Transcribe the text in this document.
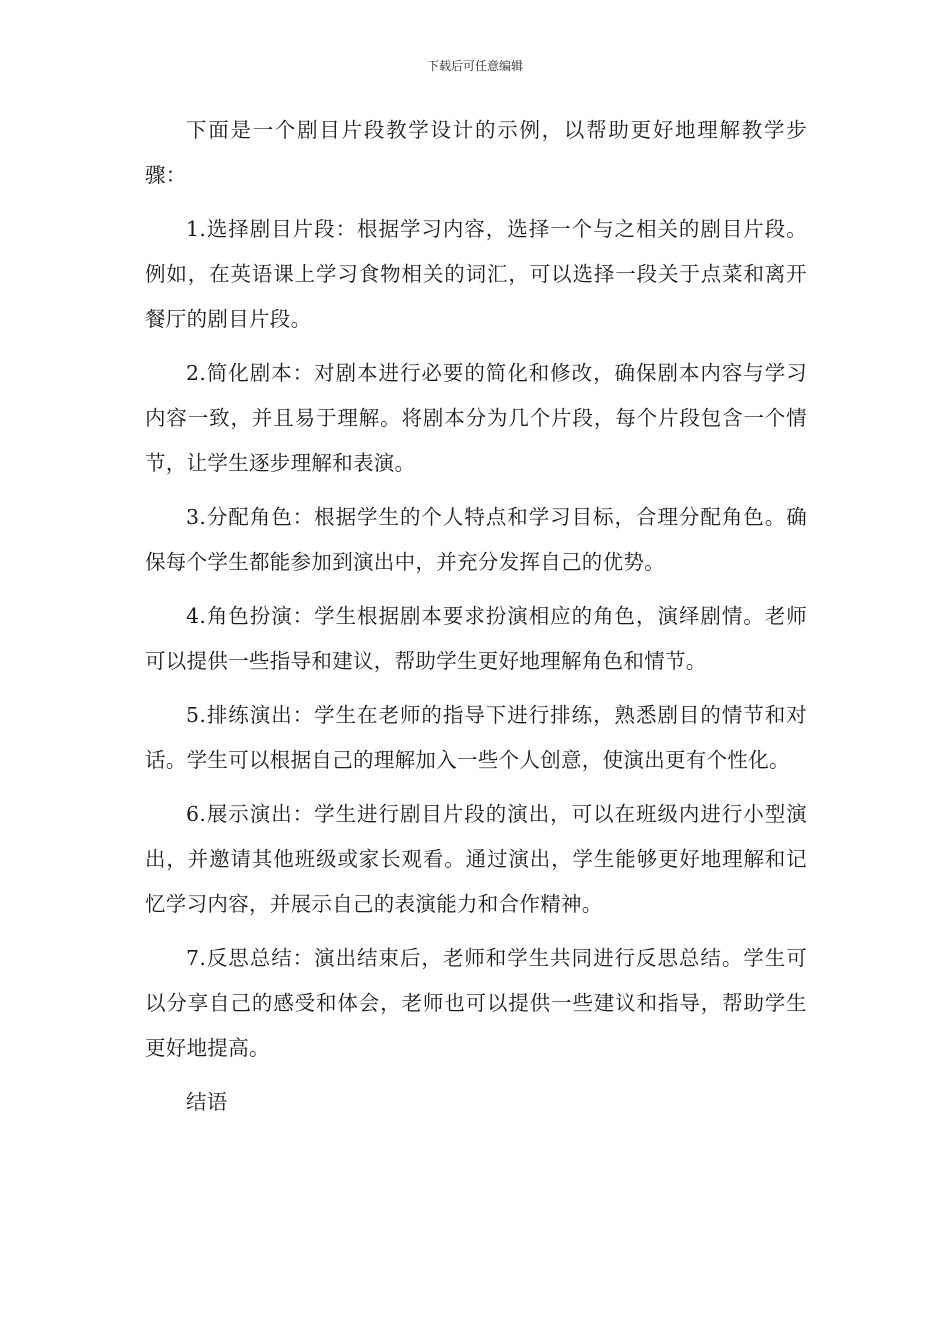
下载后可任意编辑

下面是一个剧目片段教学设计的示例，以帮助更好地理解教学步骤：

1.选择剧目片段：根据学习内容，选择一个与之相关的剧目片段。例如，在英语课上学习食物相关的词汇，可以选择一段关于点菜和离开餐厅的剧目片段。

2.简化剧本：对剧本进行必要的简化和修改，确保剧本内容与学习内容一致，并且易于理解。将剧本分为几个片段，每个片段包含一个情节，让学生逐步理解和表演。

3.分配角色：根据学生的个人特点和学习目标，合理分配角色。确保每个学生都能参加到演出中，并充分发挥自己的优势。

4.角色扮演：学生根据剧本要求扮演相应的角色，演绎剧情。老师可以提供一些指导和建议，帮助学生更好地理解角色和情节。

5.排练演出：学生在老师的指导下进行排练，熟悉剧目的情节和对话。学生可以根据自己的理解加入一些个人创意，使演出更有个性化。

6.展示演出：学生进行剧目片段的演出，可以在班级内进行小型演出，并邀请其他班级或家长观看。通过演出，学生能够更好地理解和记忆学习内容，并展示自己的表演能力和合作精神。

7.反思总结：演出结束后，老师和学生共同进行反思总结。学生可以分享自己的感受和体会，老师也可以提供一些建议和指导，帮助学生更好地提高。

结语
